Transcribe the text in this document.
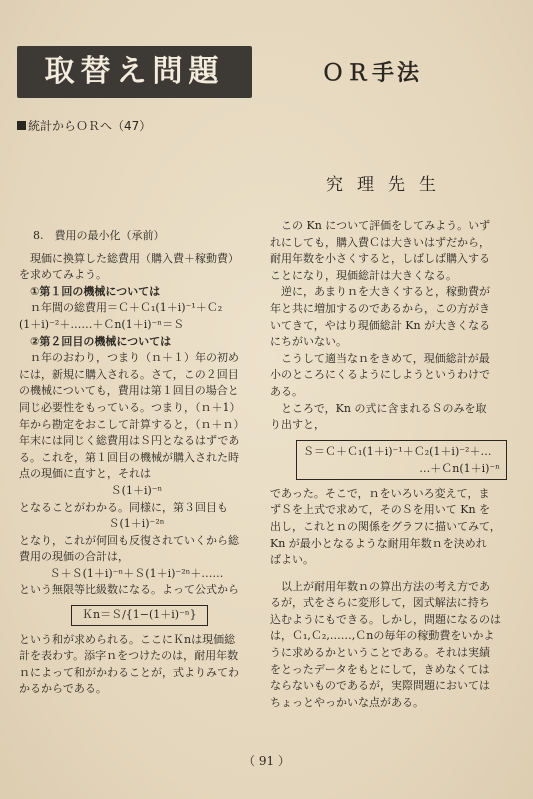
取替え問題	ＯＲ手法
統計からＯＲへ（47）
究理先生

8.　費用の最小化（承前）

現価に換算した総費用（購入費＋稼動費）

を求めてみよう。

①第１回の機械については

ｎ年間の総費用＝Ｃ＋Ｃ₁(1＋i)⁻¹＋Ｃ₂

(1＋i)⁻²＋……＋Ｃn(1＋i)⁻ⁿ＝Ｓ

②第２回目の機械については

ｎ年のおわり，つまり（ｎ＋１）年の初め

には，新規に購入される。さて，この２回目

の機械についても，費用は第１回目の場合と

同じ必要性をもっている。つまり，（ｎ＋1）

年から勘定をおこして計算すると，（ｎ＋ｎ）

年末には同じく総費用はＳ円となるはずであ

る。これを，第１回目の機械が購入された時

点の現価に直すと，それは

Ｓ(1＋i)⁻ⁿ

となることがわかる。同様に，第３回目も

Ｓ(1＋i)⁻²ⁿ

となり，これが何回も反復されていくから総

費用の現価の合計は，

Ｓ＋Ｓ(1＋i)⁻ⁿ＋Ｓ(1＋i)⁻²ⁿ＋……

という無限等比級数になる。よって公式から

Ｋn＝Ｓ/{1−(1＋i)⁻ⁿ}

という和が求められる。ここにＫnは現価総

計を表わす。添字ｎをつけたのは，耐用年数

ｎによって和がかわることが，式よりみてわ

かるからである。

この Kn について評価をしてみよう。いず

れにしても，購入費Ｃは大きいはずだから，

耐用年数を小さくすると，しばしば購入する

ことになり，現価総計は大きくなる。

逆に，あまりｎを大きくすると，稼動費が

年と共に増加するのであるから，この方がき

いてきて，やはり現価総計 Kn が大きくなる

にちがいない。

こうして適当なｎをきめて，現価総計が最

小のところにくるようにしようというわけで

ある。

ところで，Kn の式に含まれるＳのみを取

り出すと，

Ｓ＝Ｃ＋Ｃ₁(1＋i)⁻¹＋Ｃ₂(1＋i)⁻²＋…
…＋Ｃn(1＋i)⁻ⁿ

であった。そこで，ｎをいろいろ変えて，ま

ずＳを上式で求めて，そのＳを用いて Kn を

出し，これとｎの関係をグラフに描いてみて，

Kn が最小となるような耐用年数ｎを決めれ

ばよい。

以上が耐用年数ｎの算出方法の考え方であ

るが，式をさらに変形して，図式解法に持ち

込むようにもできる。しかし，問題になるのは

は，Ｃ₁,Ｃ₂,……,Ｃnの毎年の稼動費をいかよ

うに求めるかということである。それは実績

をとったデータをもとにして，きめなくては

ならないものであるが，実際問題においては

ちょっとやっかいな点がある。

（ 91 ）
